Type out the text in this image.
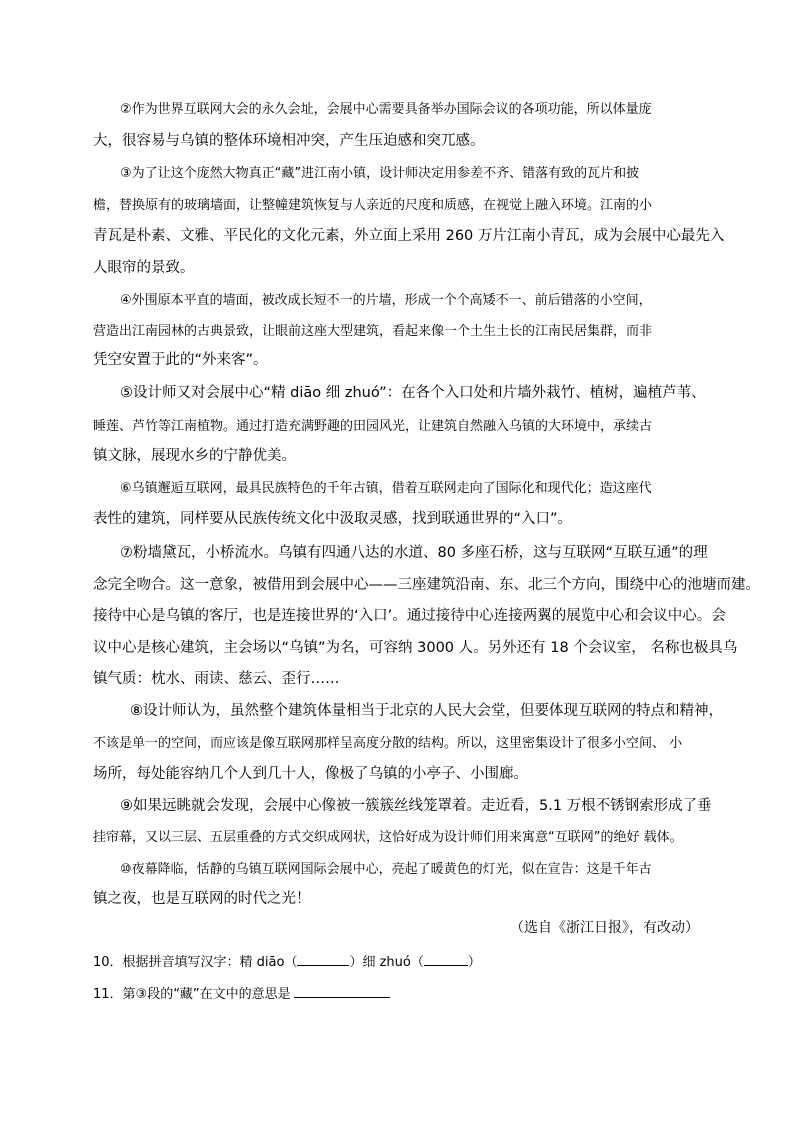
②作为世界互联网大会的永久会址，会展中心需要具备举办国际会议的各项功能，所以体量庞
大，很容易与乌镇的整体环境相冲突，产生压迫感和突兀感。
③为了让这个庞然大物真正“藏”进江南小镇，设计师决定用参差不齐、错落有致的瓦片和披
檐，替换原有的玻璃墙面，让整幢建筑恢复与人亲近的尺度和质感，在视觉上融入环境。江南的小
青瓦是朴素、文雅、平民化的文化元素，外立面上采用 260 万片江南小青瓦，成为会展中心最先入
人眼帘的景致。
④外围原本平直的墙面，被改成长短不一的片墙，形成一个个高矮不一、前后错落的小空间，
营造出江南园林的古典景致，让眼前这座大型建筑，看起来像一个土生土长的江南民居集群，而非
凭空安置于此的“外来客”。
⑤设计师又对会展中心“精 diāo 细 zhuó”：在各个入口处和片墙外栽竹、植树，遍植芦苇、
睡莲、芦竹等江南植物。通过打造充满野趣的田园风光，让建筑自然融入乌镇的大环境中，承续古
镇文脉，展现水乡的宁静优美。
⑥乌镇邂逅互联网，最具民族特色的千年古镇，借着互联网走向了国际化和现代化；造这座代
表性的建筑，同样要从民族传统文化中汲取灵感，找到联通世界的“入口”。
⑦粉墙黛瓦，小桥流水。乌镇有四通八达的水道、80 多座石桥，这与互联网“互联互通”的理
念完全吻合。这一意象，被借用到会展中心——三座建筑沿南、东、北三个方向，围绕中心的池塘而建。
接待中心是乌镇的客厅，也是连接世界的‘入口’。通过接待中心连接两翼的展览中心和会议中心。会
议中心是核心建筑，主会场以“乌镇”为名，可容纳 3000 人。另外还有 18 个会议室， 名称也极具乌
镇气质：枕水、雨读、慈云、歪行……
⑧设计师认为，虽然整个建筑体量相当于北京的人民大会堂，但要体现互联网的特点和精神，
不该是单一的空间，而应该是像互联网那样呈高度分散的结构。所以，这里密集设计了很多小空间、 小
场所，每处能容纳几个人到几十人，像极了乌镇的小亭子、小围廊。
⑨如果远眺就会发现，会展中心像被一簇簇丝线笼罩着。走近看，5.1 万根不锈钢索形成了垂
挂帘幕，又以三层、五层重叠的方式交织成网状，这恰好成为设计师们用来寓意“互联网”的绝好 载体。
⑩夜幕降临，恬静的乌镇互联网国际会展中心，亮起了暖黄色的灯光，似在宣告：这是千年古
镇之夜，也是互联网的时代之光！
（选自《浙江日报》，有改动）
10．根据拼音填写汉字：精 diāo（	）细 zhuó（	）
11．第③段的“藏”在文中的意思是
